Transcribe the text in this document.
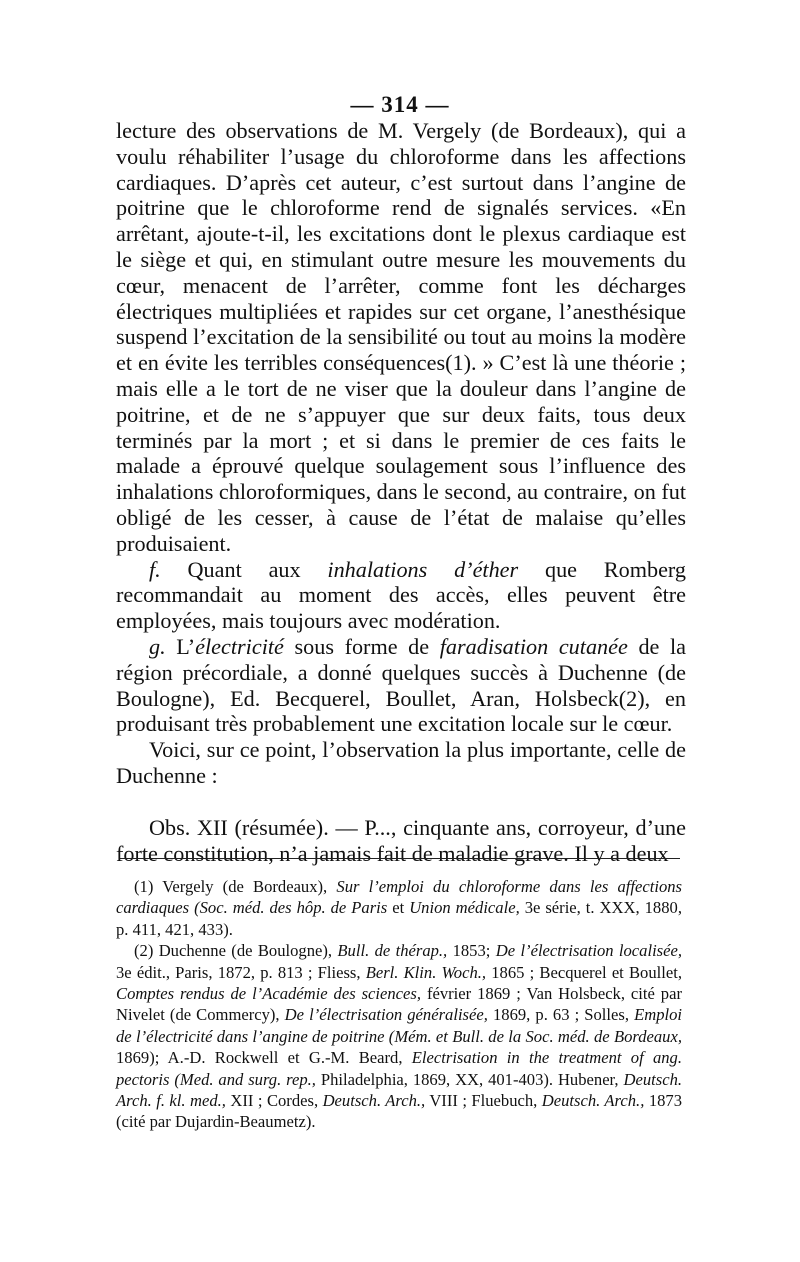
— 314 —

lecture des observations de M. Vergely (de Bordeaux), qui a voulu réhabiliter l’usage du chloroforme dans les affections cardiaques. D’après cet auteur, c’est surtout dans l’angine de poitrine que le chloroforme rend de signalés services. «En arrêtant, ajoute-t-il, les excitations dont le plexus cardiaque est le siège et qui, en stimulant outre mesure les mouvements du cœur, menacent de l’arrêter, comme font les décharges électriques multipliées et rapides sur cet organe, l’anesthésique suspend l’excitation de la sensibilité ou tout au moins la modère et en évite les terribles conséquences(1). » C’est là une théorie ; mais elle a le tort de ne viser que la douleur dans l’angine de poitrine, et de ne s’appuyer que sur deux faits, tous deux terminés par la mort ; et si dans le premier de ces faits le malade a éprouvé quelque soulagement sous l’influence des inhalations chloroformiques, dans le second, au contraire, on fut obligé de les cesser, à cause de l’état de malaise qu’elles produisaient.

f. Quant aux inhalations d’éther que Romberg recommandait au moment des accès, elles peuvent être employées, mais toujours avec modération.

g. L’électricité sous forme de faradisation cutanée de la région précordiale, a donné quelques succès à Duchenne (de Boulogne), Ed. Becquerel, Boullet, Aran, Holsbeck(2), en produisant très probablement une excitation locale sur le cœur.

Voici, sur ce point, l’observation la plus importante, celle de Duchenne :

Obs. XII (résumée). — P..., cinquante ans, corroyeur, d’une forte constitution, n’a jamais fait de maladie grave. Il y a deux

(1) Vergely (de Bordeaux), Sur l’emploi du chloroforme dans les affections cardiaques (Soc. méd. des hôp. de Paris et Union médicale, 3e série, t. XXX, 1880, p. 411, 421, 433).

(2) Duchenne (de Boulogne), Bull. de thérap., 1853; De l’électrisation localisée, 3e édit., Paris, 1872, p. 813 ; Fliess, Berl. Klin. Woch., 1865 ; Becquerel et Boullet, Comptes rendus de l’Académie des sciences, février 1869 ; Van Holsbeck, cité par Nivelet (de Commercy), De l’électrisation généralisée, 1869, p. 63 ; Solles, Emploi de l’électricité dans l’angine de poitrine (Mém. et Bull. de la Soc. méd. de Bordeaux, 1869); A.-D. Rockwell et G.-M. Beard, Electrisation in the treatment of ang. pectoris (Med. and surg. rep., Philadelphia, 1869, XX, 401-403). Hubener, Deutsch. Arch. f. kl. med., XII ; Cordes, Deutsch. Arch., VIII ; Fluebuch, Deutsch. Arch., 1873 (cité par Dujardin-Beaumetz).
